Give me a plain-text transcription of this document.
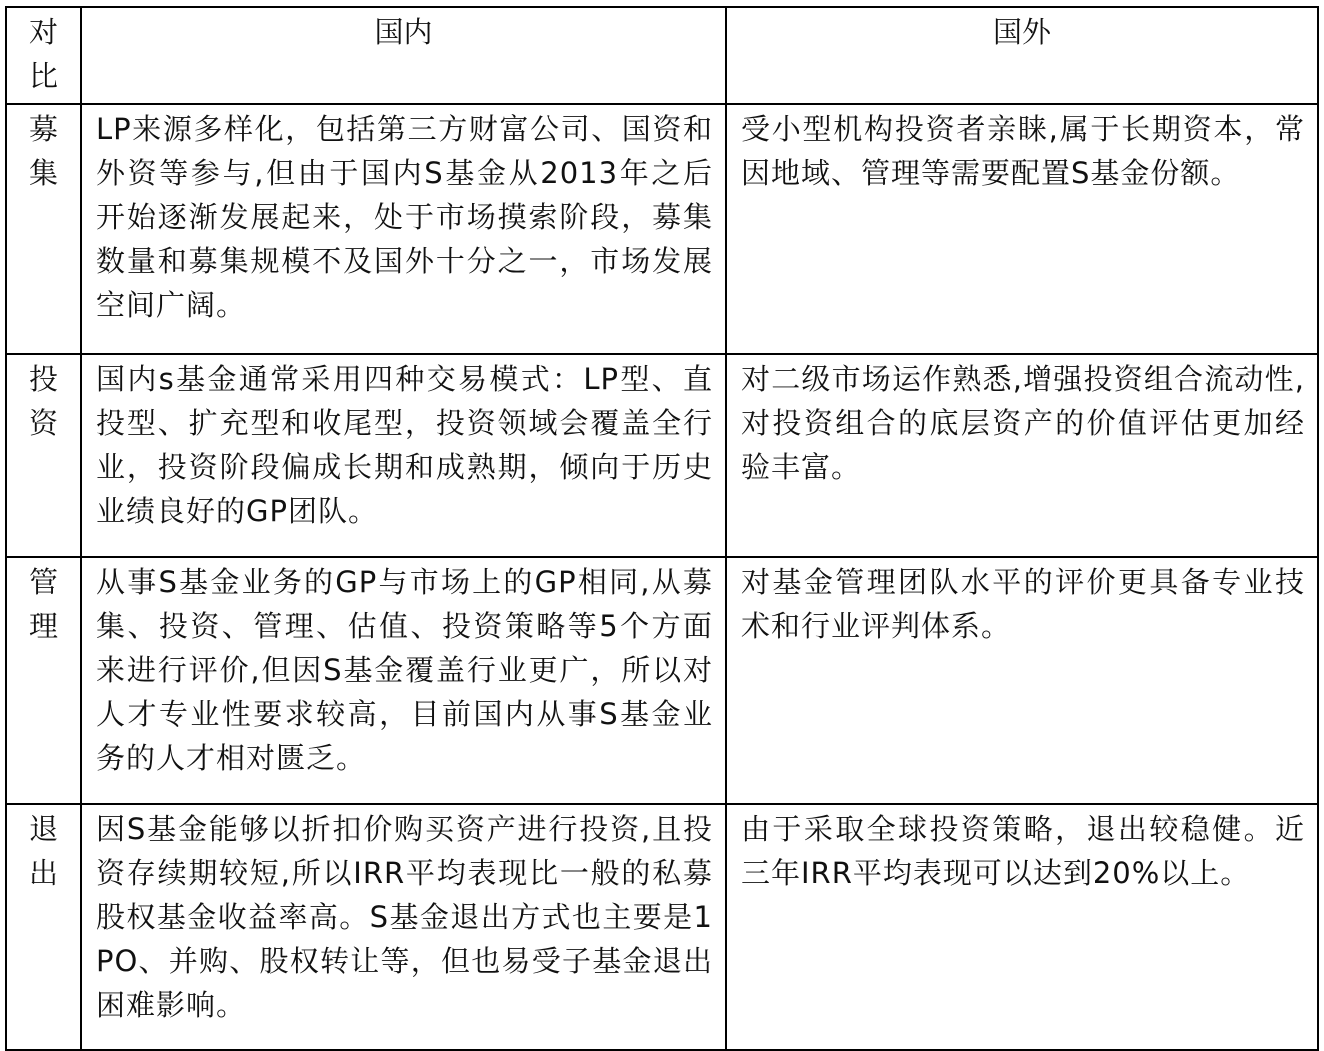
对比	国内	国外
募集	LP来源多样化，包括第三方财富公司、国资和外资等参与,但由于国内S基金从2013年之后开始逐渐发展起来，处于市场摸索阶段，募集数量和募集规模不及国外十分之一，市场发展空间广阔。	受小型机构投资者亲睐,属于长期资本，常因地域、管理等需要配置S基金份额。
投资	国内s基金通常采用四种交易模式：LP型、直投型、扩充型和收尾型，投资领域会覆盖全行业，投资阶段偏成长期和成熟期，倾向于历史业绩良好的GP团队。	对二级市场运作熟悉,增强投资组合流动性,对投资组合的底层资产的价值评估更加经验丰富。
管理	从事S基金业务的GP与市场上的GP相同,从募集、投资、管理、估值、投资策略等5个方面来进行评价,但因S基金覆盖行业更广，所以对人才专业性要求较高，目前国内从事S基金业务的人才相对匮乏。	对基金管理团队水平的评价更具备专业技术和行业评判体系。
退出	因S基金能够以折扣价购买资产进行投资,且投资存续期较短,所以IRR平均表现比一般的私募股权基金收益率高。S基金退出方式也主要是1PO、并购、股权转让等，但也易受子基金退出困难影响。	由于采取全球投资策略，退出较稳健。近三年IRR平均表现可以达到20%以上。
